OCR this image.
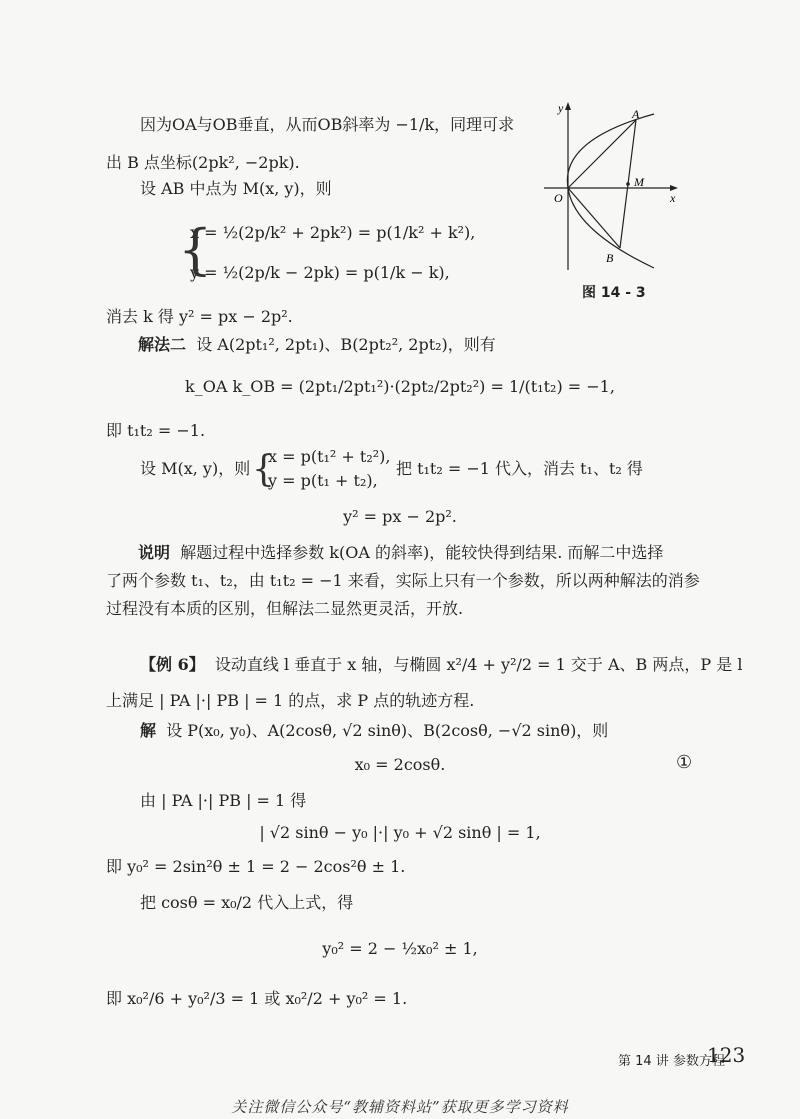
y
x
O
A
B
M
图 14 - 3
因为OA与OB垂直，从而OB斜率为 −1/k，同理可求
出 B 点坐标(2pk², −2pk).
设 AB 中点为 M(x, y)，则
x = ½(2p/k² + 2pk²) = p(1/k² + k²),
y = ½(2p/k − 2pk) = p(1/k − k),
{
消去 k 得 y² = px − 2p².
解法二 设 A(2pt₁², 2pt₁)、B(2pt₂², 2pt₂)，则有
k_OA k_OB = (2pt₁/2pt₁²)·(2pt₂/2pt₂²) = 1/(t₁t₂) = −1,
即 t₁t₂ = −1.
设 M(x, y)，则 {
x = p(t₁² + t₂²),
y = p(t₁ + t₂),
把 t₁t₂ = −1 代入，消去 t₁、t₂ 得
y² = px − 2p².
说明 解题过程中选择参数 k(OA 的斜率)，能较快得到结果. 而解二中选择
了两个参数 t₁、t₂，由 t₁t₂ = −1 来看，实际上只有一个参数，所以两种解法的消参
过程没有本质的区别，但解法二显然更灵活，开放.
【例 6】 设动直线 l 垂直于 x 轴，与椭圆 x²/4 + y²/2 = 1 交于 A、B 两点，P 是 l
上满足 | PA |·| PB | = 1 的点，求 P 点的轨迹方程.
解 设 P(x₀, y₀)、A(2cosθ, √2 sinθ)、B(2cosθ, −√2 sinθ)，则
x₀ = 2cosθ.	①
由 | PA |·| PB | = 1 得
| √2 sinθ − y₀ |·| y₀ + √2 sinθ | = 1,
即 y₀² = 2sin²θ ± 1 = 2 − 2cos²θ ± 1.
把 cosθ = x₀/2 代入上式，得
y₀² = 2 − ½x₀² ± 1,
即 x₀²/6 + y₀²/3 = 1 或 x₀²/2 + y₀² = 1.
第 14 讲 参数方程
123
关注微信公众号“教辅资料站”获取更多学习资料
